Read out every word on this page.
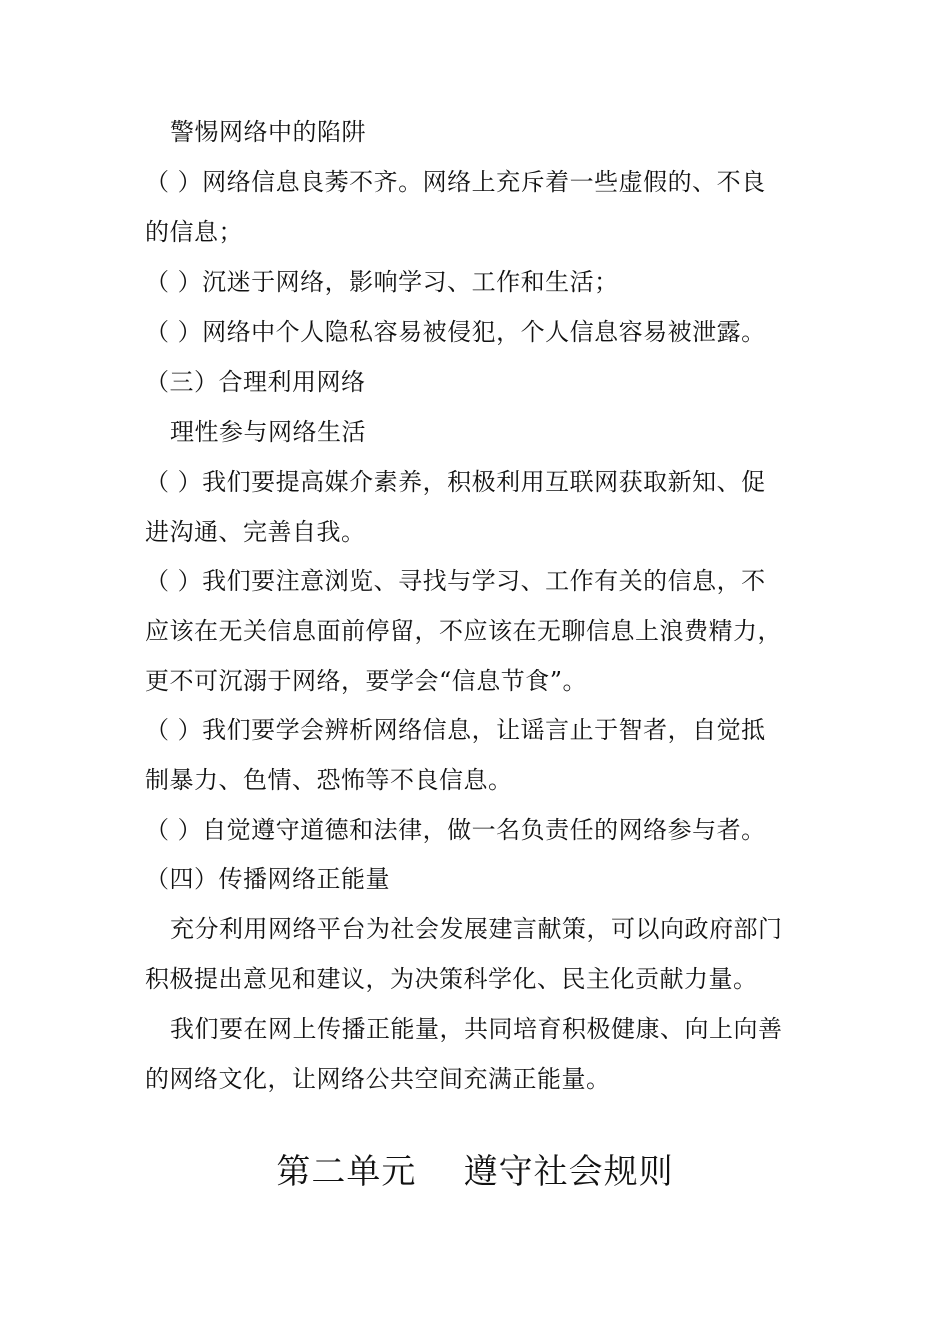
警惕网络中的陷阱
（ ）网络信息良莠不齐。网络上充斥着一些虚假的、不良
的信息；
（ ）沉迷于网络，影响学习、工作和生活；
（ ）网络中个人隐私容易被侵犯，个人信息容易被泄露。
（三）合理利用网络
理性参与网络生活
（ ）我们要提高媒介素养，积极利用互联网获取新知、促
进沟通、完善自我。
（ ）我们要注意浏览、寻找与学习、工作有关的信息，不
应该在无关信息面前停留，不应该在无聊信息上浪费精力，
更不可沉溺于网络，要学会“信息节食”。
（ ）我们要学会辨析网络信息，让谣言止于智者，自觉抵
制暴力、色情、恐怖等不良信息。
（ ）自觉遵守道德和法律，做一名负责任的网络参与者。
（四）传播网络正能量
充分利用网络平台为社会发展建言献策，可以向政府部门
积极提出意见和建议，为决策科学化、民主化贡献力量。
我们要在网上传播正能量，共同培育积极健康、向上向善
的网络文化，让网络公共空间充满正能量。
第二单元    遵守社会规则
